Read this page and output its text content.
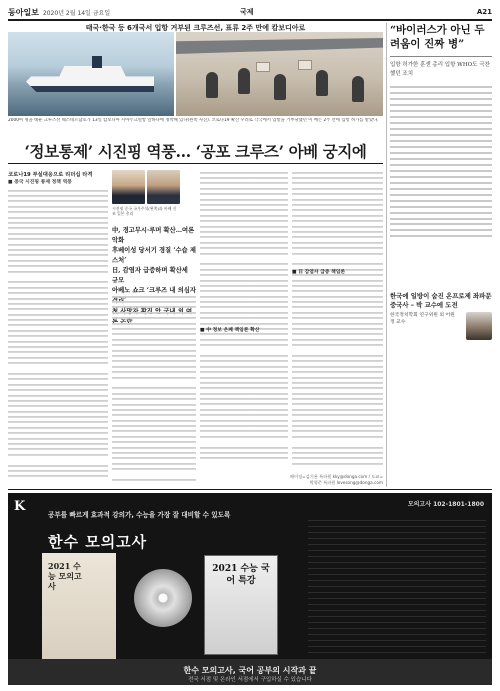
동아일보 2020년 2월 14일 금요일	국제	A21
태국·한국 등 6개국서 입항 거부된 크루즈선, 표류 2주 만에 캄보디아로
2000여 명을 태운 크루즈선 웨스테르담호가 13일 캄보디아 시아누크빌항 앞바다에 정박해 있다(왼쪽 사진). 코로나19 확산 우려로 각국에서 입항을 거부당했던 이 배는 2주 만에 입항 허가를 받았다.
“바이러스가 아닌 두려움이 진짜 병”
입항 허가한 훈센 총리 입항 WHO도 극찬했던 조치
한국에 일방이 숨진 온프로제 좌파문 중국사 – 박 교수에 도전
한국정치학회 연구위원 외 어원정 교수
‘정보통제’ 시진핑 역풍… ‘공포 크루즈’ 아베 궁지에
코로나19 부실대응으로 리더십 타격
■ 중국 시진핑 통제 정책 역풍
시진핑 중국 국가주석(왼쪽)과 아베 신조 일본 총리
中, 경고무시·루머 확산…여론 악화
후베이성 당서기 경질 ‘수습 제스처’
日, 감염자 급증하며 확산세 규모
아베노 쇼크 ‘크루즈 내 의심자
■ 中 정보 은폐 책임론 확산
■ 日 감염자 급증 책임론
베이징=김기용 특파원 kky@donga.com / 도쿄=박형준 특파원 lovesong@donga.com
K	모의고사 102-1801-1800
공부를 빠르게 효과적 강의가, 수능을 가장 잘 대비할 수 있도록
한수 모의고사
2021 수능 모의고사
2021 수능 국어 특강
한수 모의고사, 국어 공부의 시작과 끝
전국 서점 및 온라인 서점에서 구입하실 수 있습니다
